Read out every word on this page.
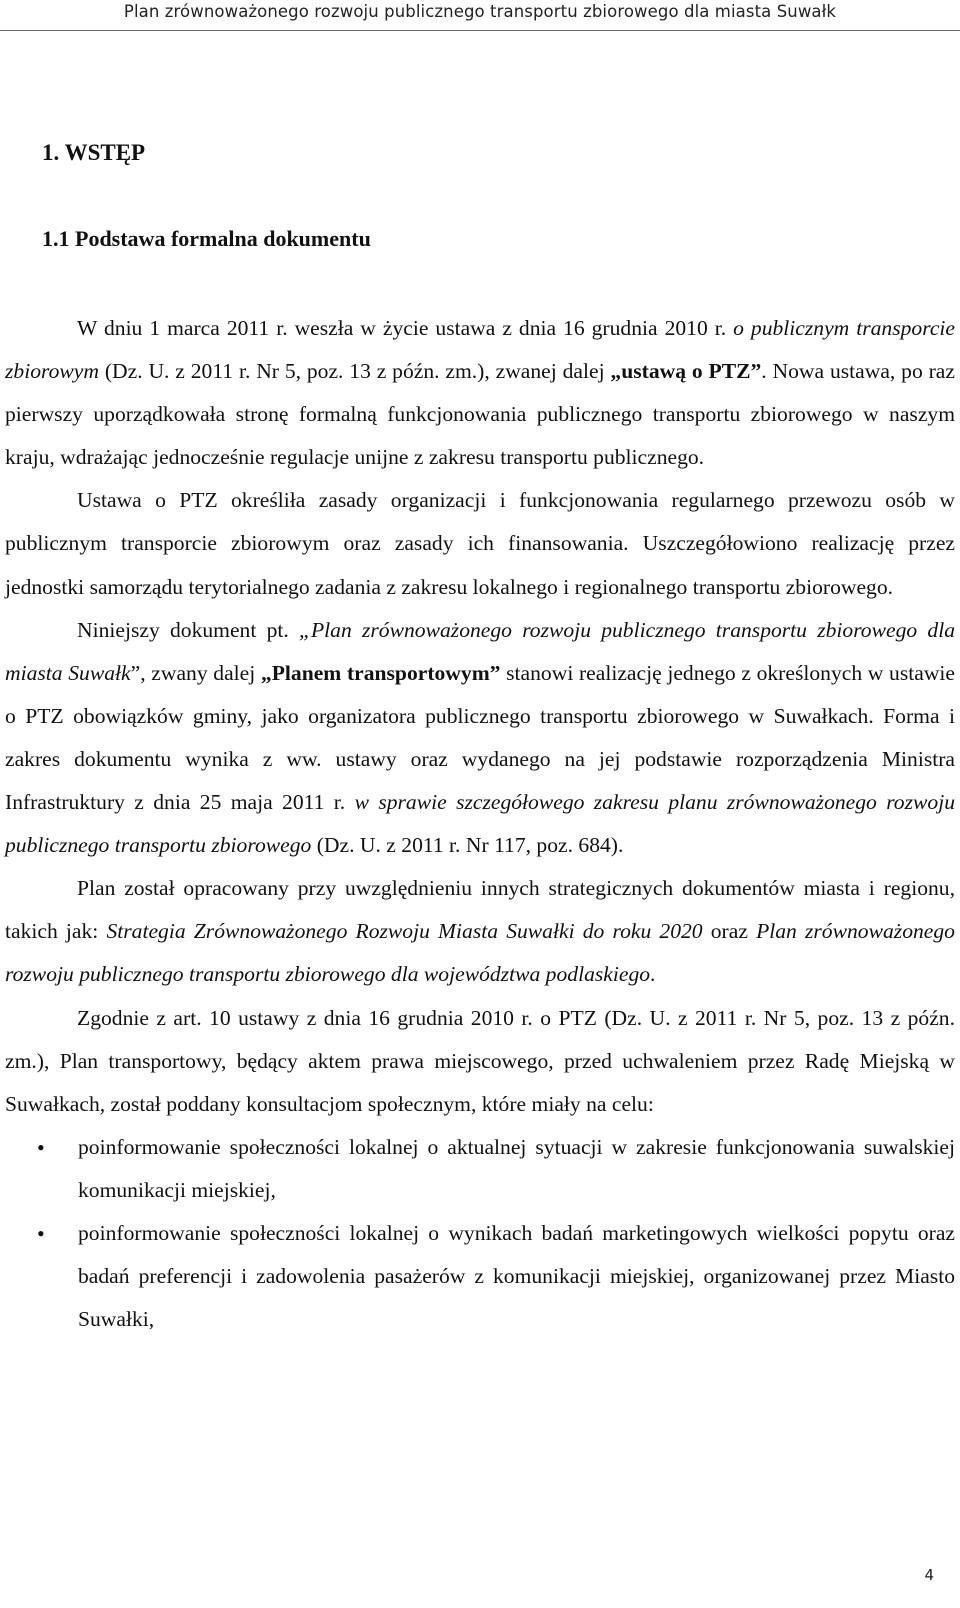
Plan zrównoważonego rozwoju publicznego transportu zbiorowego dla miasta Suwałk
1. WSTĘP
1.1 Podstawa formalna dokumentu

W dniu 1 marca 2011 r. weszła w życie ustawa z dnia 16 grudnia 2010 r. o publicznym transporcie zbiorowym (Dz. U. z 2011 r. Nr 5, poz. 13 z późn. zm.), zwanej dalej „ustawą o PTZ”. Nowa ustawa, po raz pierwszy uporządkowała stronę formalną funkcjonowania publicznego transportu zbiorowego w naszym kraju, wdrażając jednocześnie regulacje unijne z zakresu transportu publicznego.

Ustawa o PTZ określiła zasady organizacji i funkcjonowania regularnego przewozu osób w publicznym transporcie zbiorowym oraz zasady ich finansowania. Uszczegółowiono realizację przez jednostki samorządu terytorialnego zadania z zakresu lokalnego i regionalnego transportu zbiorowego.

Niniejszy dokument pt. „Plan zrównoważonego rozwoju publicznego transportu zbiorowego dla miasta Suwałk”, zwany dalej „Planem transportowym” stanowi realizację jednego z określonych w ustawie o PTZ obowiązków gminy, jako organizatora publicznego transportu zbiorowego w Suwałkach. Forma i zakres dokumentu wynika z ww. ustawy oraz wydanego na jej podstawie rozporządzenia Ministra Infrastruktury z dnia 25 maja 2011 r. w sprawie szczegółowego zakresu planu zrównoważonego rozwoju publicznego transportu zbiorowego (Dz. U. z 2011 r. Nr 117, poz. 684).

Plan został opracowany przy uwzględnieniu innych strategicznych dokumentów miasta i regionu, takich jak: Strategia Zrównoważonego Rozwoju Miasta Suwałki do roku 2020 oraz Plan zrównoważonego rozwoju publicznego transportu zbiorowego dla województwa podlaskiego.

Zgodnie z art. 10 ustawy z dnia 16 grudnia 2010 r. o PTZ (Dz. U. z 2011 r. Nr 5, poz. 13 z późn. zm.), Plan transportowy, będący aktem prawa miejscowego, przed uchwaleniem przez Radę Miejską w Suwałkach, został poddany konsultacjom społecznym, które miały na celu:

• poinformowanie społeczności lokalnej o aktualnej sytuacji w zakresie funkcjonowania suwalskiej komunikacji miejskiej,
• poinformowanie społeczności lokalnej o wynikach badań marketingowych wielkości popytu oraz badań preferencji i zadowolenia pasażerów z komunikacji miejskiej, organizowanej przez Miasto Suwałki,
4
